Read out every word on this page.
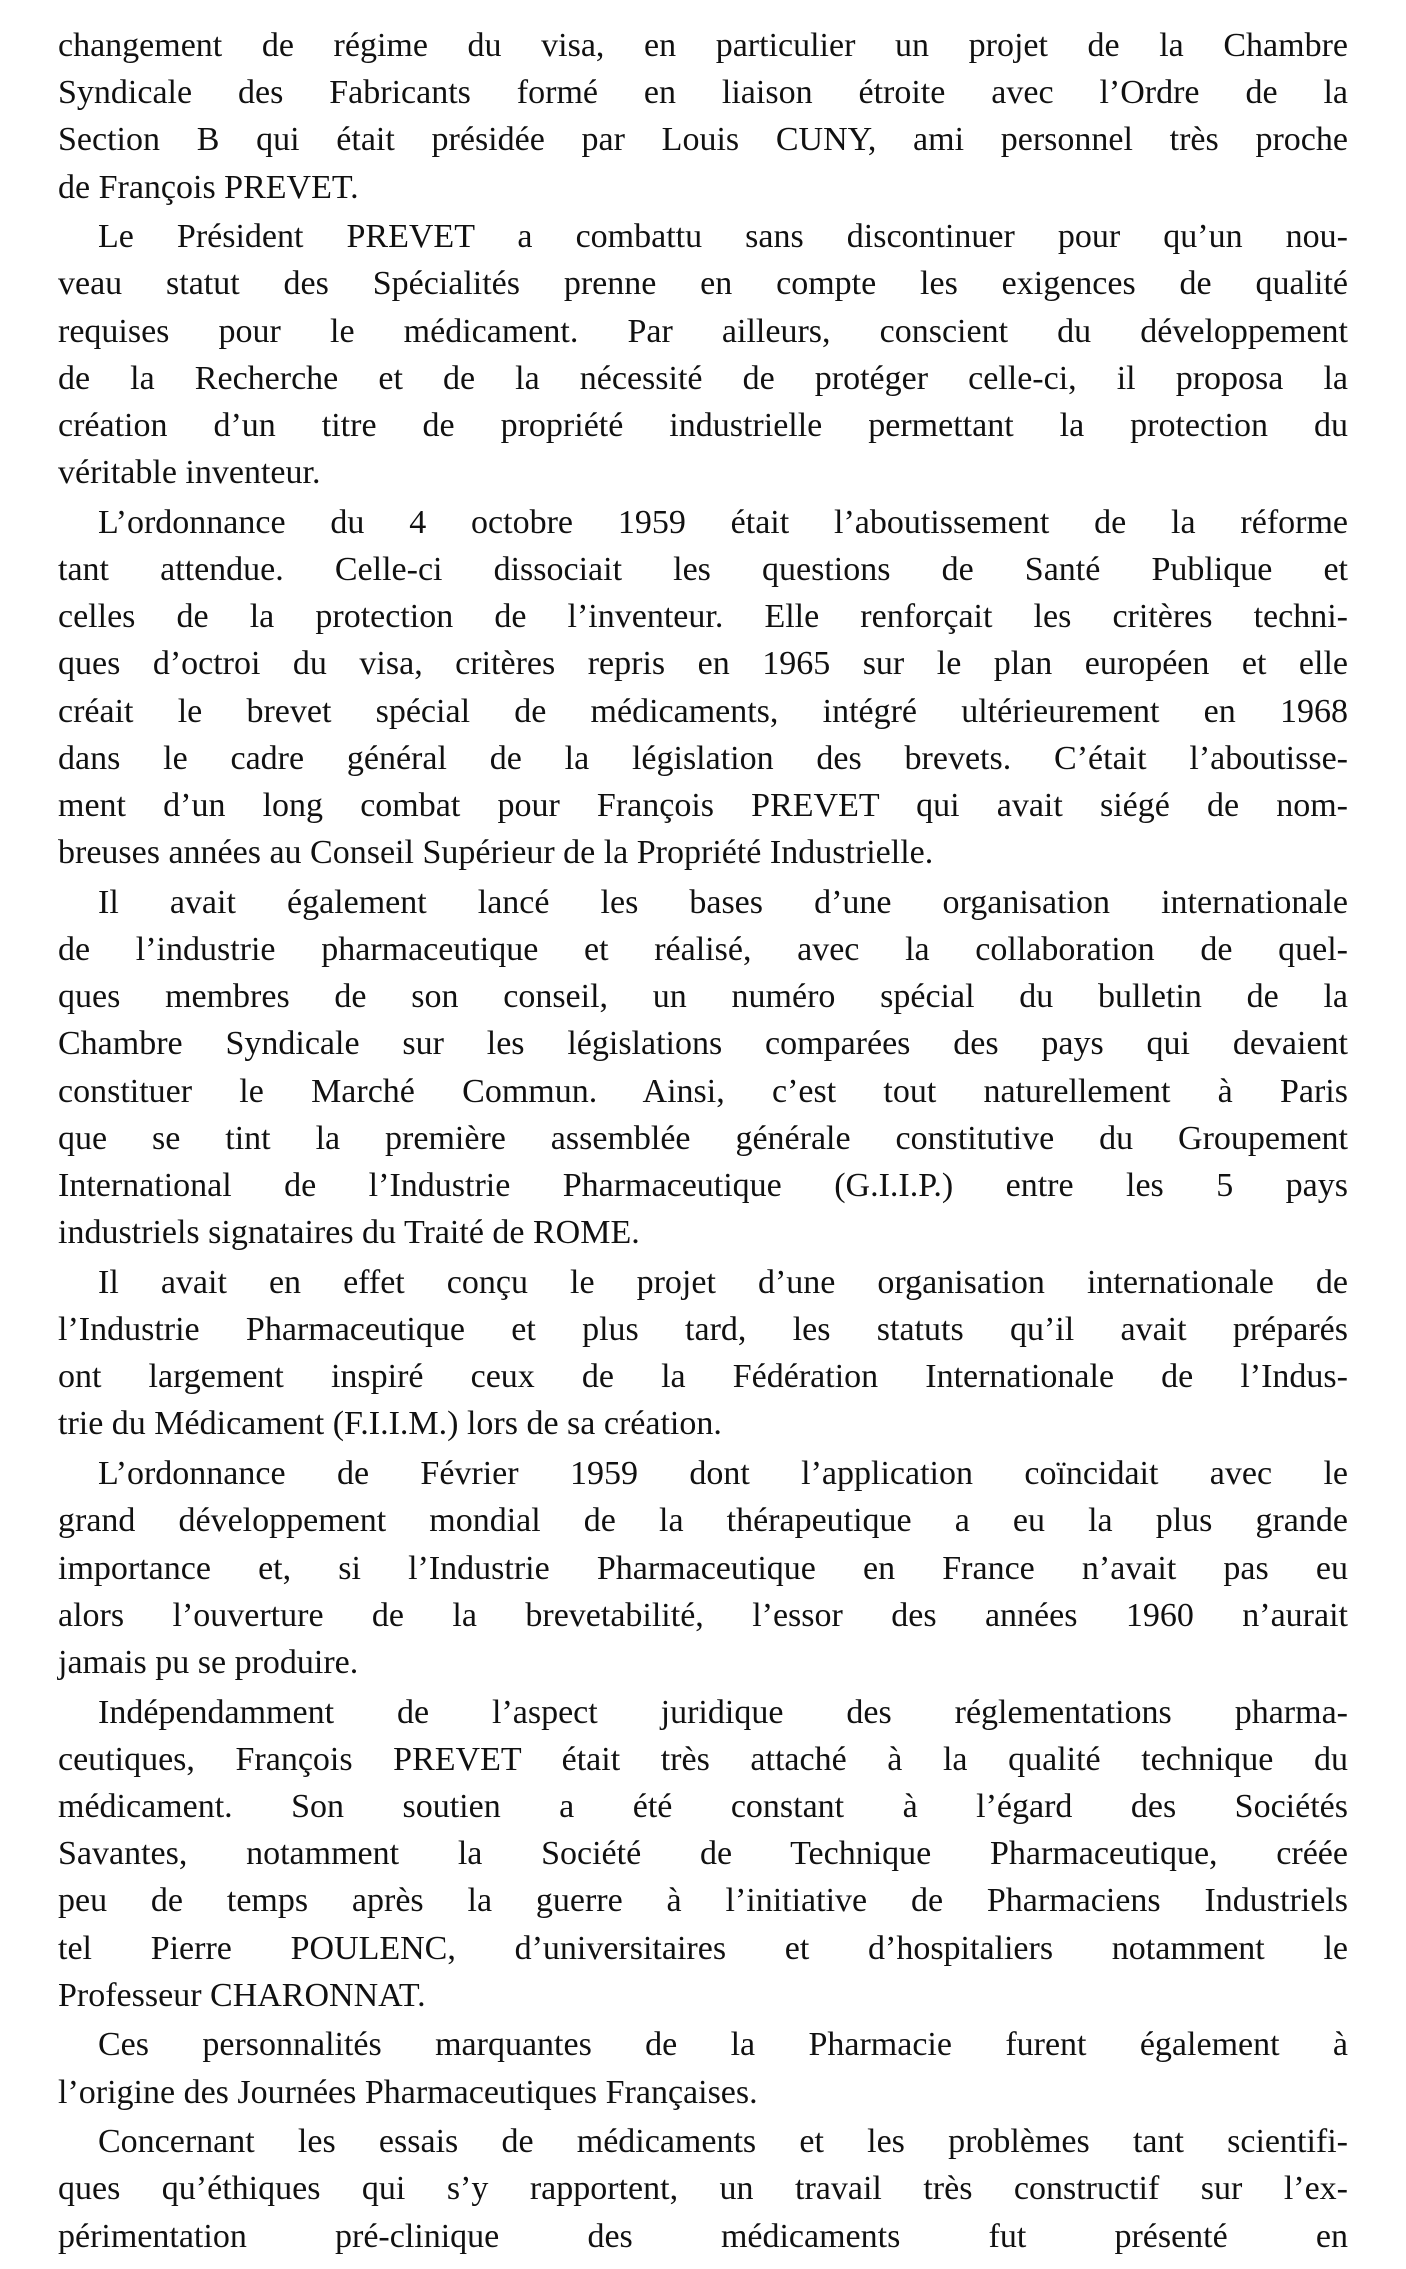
changement de régime du visa, en particulier un projet de la Chambre
Syndicale des Fabricants formé en liaison étroite avec l’Ordre de la
Section B qui était présidée par Louis CUNY, ami personnel très proche
de François PREVET.
Le Président PREVET a combattu sans discontinuer pour qu’un nou-
veau statut des Spécialités prenne en compte les exigences de qualité
requises pour le médicament. Par ailleurs, conscient du développement
de la Recherche et de la nécessité de protéger celle-ci, il proposa la
création d’un titre de propriété industrielle permettant la protection du
véritable inventeur.
L’ordonnance du 4 octobre 1959 était l’aboutissement de la réforme
tant attendue. Celle-ci dissociait les questions de Santé Publique et
celles de la protection de l’inventeur. Elle renforçait les critères techni-
ques d’octroi du visa, critères repris en 1965 sur le plan européen et elle
créait le brevet spécial de médicaments, intégré ultérieurement en 1968
dans le cadre général de la législation des brevets. C’était l’aboutisse-
ment d’un long combat pour François PREVET qui avait siégé de nom-
breuses années au Conseil Supérieur de la Propriété Industrielle.
Il avait également lancé les bases d’une organisation internationale
de l’industrie pharmaceutique et réalisé, avec la collaboration de quel-
ques membres de son conseil, un numéro spécial du bulletin de la
Chambre Syndicale sur les législations comparées des pays qui devaient
constituer le Marché Commun. Ainsi, c’est tout naturellement à Paris
que se tint la première assemblée générale constitutive du Groupement
International de l’Industrie Pharmaceutique (G.I.I.P.) entre les 5 pays
industriels signataires du Traité de ROME.
Il avait en effet conçu le projet d’une organisation internationale de
l’Industrie Pharmaceutique et plus tard, les statuts qu’il avait préparés
ont largement inspiré ceux de la Fédération Internationale de l’Indus-
trie du Médicament (F.I.I.M.) lors de sa création.
L’ordonnance de Février 1959 dont l’application coïncidait avec le
grand développement mondial de la thérapeutique a eu la plus grande
importance et, si l’Industrie Pharmaceutique en France n’avait pas eu
alors l’ouverture de la brevetabilité, l’essor des années 1960 n’aurait
jamais pu se produire.
Indépendamment de l’aspect juridique des réglementations pharma-
ceutiques, François PREVET était très attaché à la qualité technique du
médicament. Son soutien a été constant à l’égard des Sociétés
Savantes, notamment la Société de Technique Pharmaceutique, créée
peu de temps après la guerre à l’initiative de Pharmaciens Industriels
tel Pierre POULENC, d’universitaires et d’hospitaliers notamment le
Professeur CHARONNAT.
Ces personnalités marquantes de la Pharmacie furent également à
l’origine des Journées Pharmaceutiques Françaises.
Concernant les essais de médicaments et les problèmes tant scientifi-
ques qu’éthiques qui s’y rapportent, un travail très constructif sur l’ex-
périmentation pré-clinique des médicaments fut présenté en
